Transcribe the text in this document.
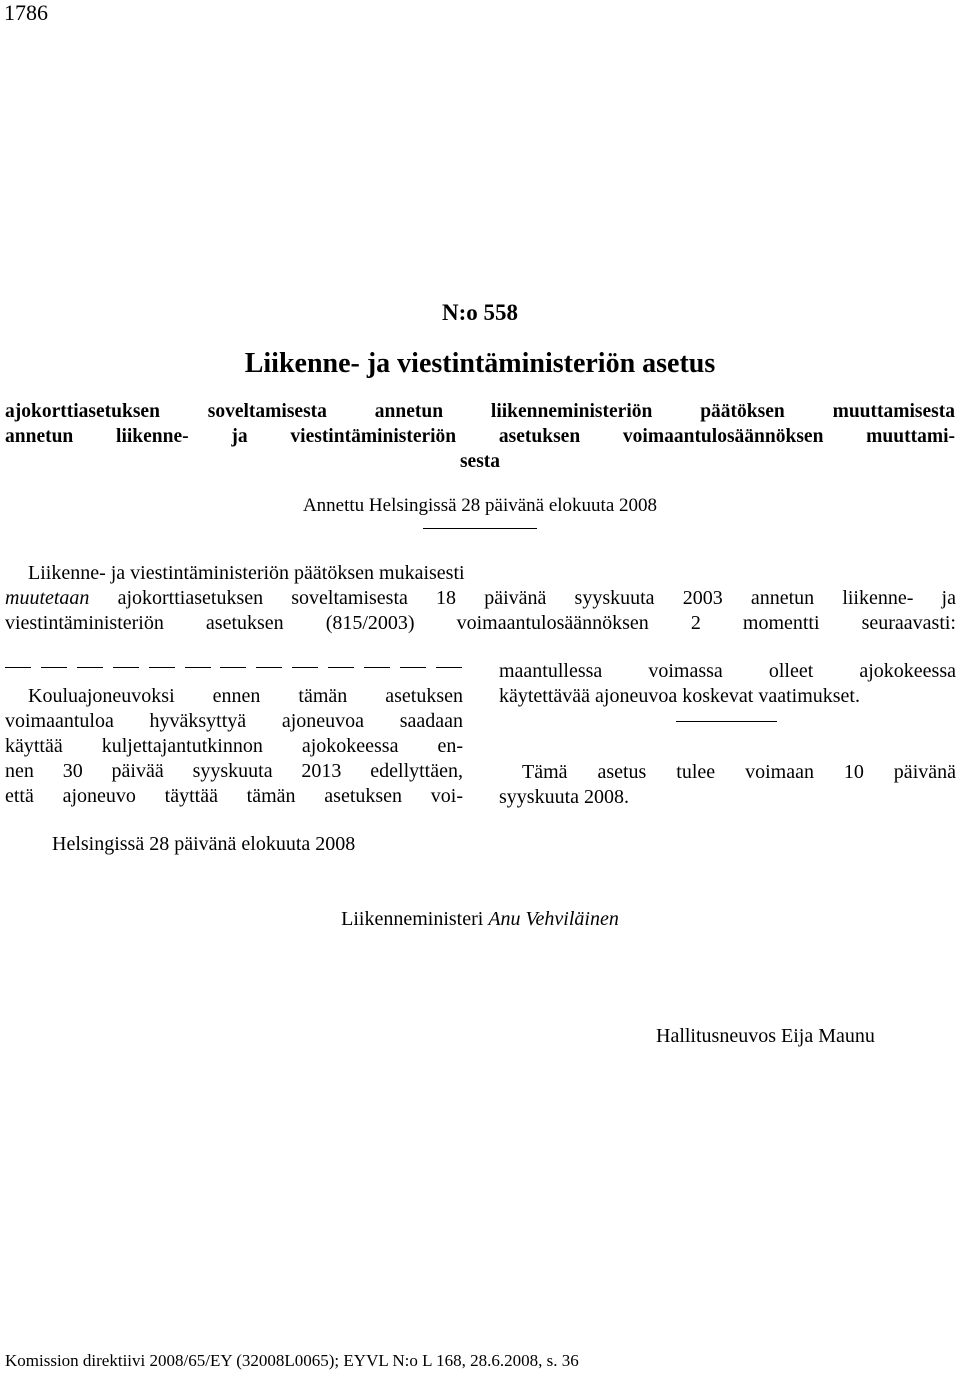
1786
N:o 558
Liikenne- ja viestintäministeriön asetus
ajokorttiasetuksen soveltamisesta annetun liikenneministeriön päätöksen muuttamisesta
annetun liikenne- ja viestintäministeriön asetuksen voimaantulosäännöksen muuttami-
sesta
Annettu Helsingissä 28 päivänä elokuuta 2008
Liikenne- ja viestintäministeriön päätöksen mukaisesti
muutetaan ajokorttiasetuksen soveltamisesta 18 päivänä syyskuuta 2003 annetun liikenne- ja
viestintäministeriön asetuksen (815/2003) voimaantulosäännöksen 2 momentti seuraavasti:
Kouluajoneuvoksi ennen tämän asetuksen
voimaantuloa hyväksyttyä ajoneuvoa saadaan
käyttää kuljettajantutkinnon ajokokeessa en-
nen 30 päivää syyskuuta 2013 edellyttäen,
että ajoneuvo täyttää tämän asetuksen voi-
maantullessa voimassa olleet ajokokeessa
käytettävää ajoneuvoa koskevat vaatimukset.
Tämä asetus tulee voimaan 10 päivänä
syyskuuta 2008.
Helsingissä 28 päivänä elokuuta 2008
Liikenneministeri Anu Vehviläinen
Hallitusneuvos Eija Maunu
Komission direktiivi 2008/65/EY (32008L0065); EYVL N:o L 168, 28.6.2008, s. 36
